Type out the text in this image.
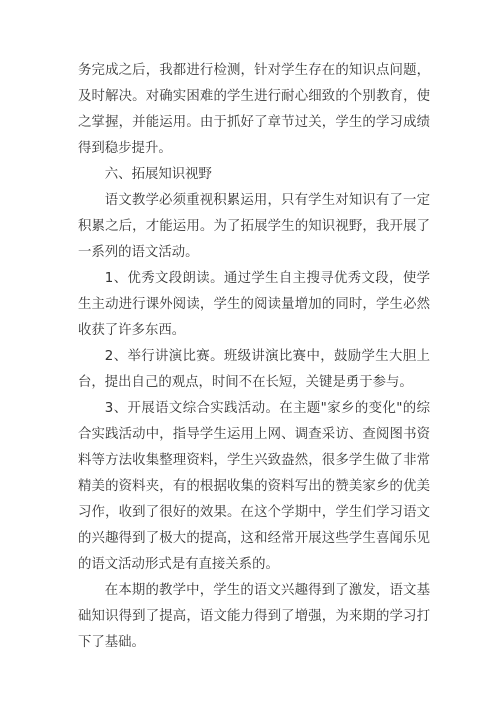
务完成之后，我都进行检测，针对学生存在的知识点问题，及时解决。对确实困难的学生进行耐心细致的个别教育，使之掌握，并能运用。由于抓好了章节过关，学生的学习成绩得到稳步提升。

六、拓展知识视野

语文教学必须重视积累运用，只有学生对知识有了一定积累之后，才能运用。为了拓展学生的知识视野，我开展了一系列的语文活动。

1、优秀文段朗读。通过学生自主搜寻优秀文段，使学生主动进行课外阅读，学生的阅读量增加的同时，学生必然收获了许多东西。

2、举行讲演比赛。班级讲演比赛中，鼓励学生大胆上台，提出自己的观点，时间不在长短，关键是勇于参与。

3、开展语文综合实践活动。在主题"家乡的变化"的综合实践活动中，指导学生运用上网、调查采访、查阅图书资料等方法收集整理资料，学生兴致盎然，很多学生做了非常精美的资料夹，有的根据收集的资料写出的赞美家乡的优美习作，收到了很好的效果。在这个学期中，学生们学习语文的兴趣得到了极大的提高，这和经常开展这些学生喜闻乐见的语文活动形式是有直接关系的。

在本期的教学中，学生的语文兴趣得到了激发，语文基础知识得到了提高，语文能力得到了增强，为来期的学习打下了基础。
